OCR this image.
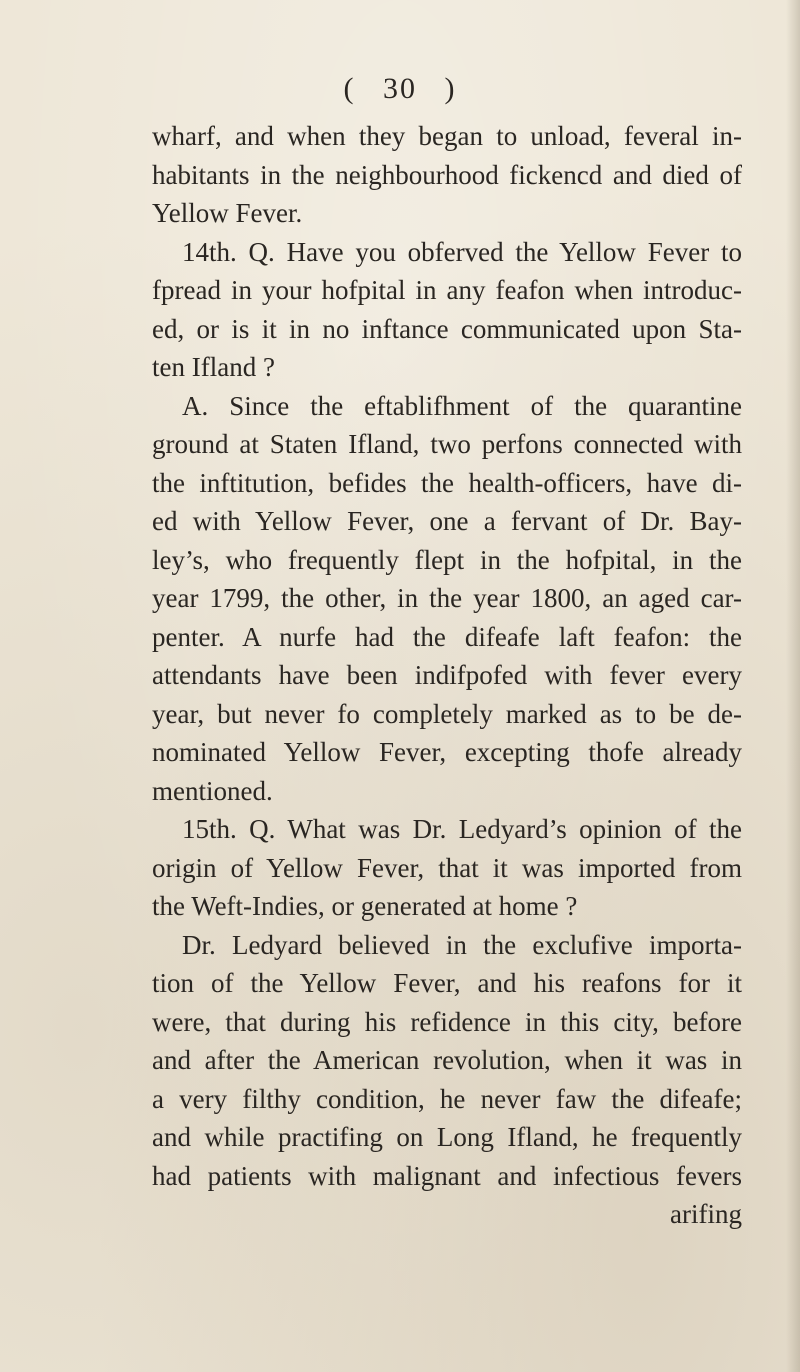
( 30 )
wharf, and when they began to unload, feveral in-
habitants in the neighbourhood fickencd and died of
Yellow Fever.
14th. Q. Have you obferved the Yellow Fever to
fpread in your hofpital in any feafon when introduc-
ed, or is it in no inftance communicated upon Sta-
ten Ifland ?
A. Since the eftablifhment of the quarantine
ground at Staten Ifland, two perfons connected with
the inftitution, befides the health-officers, have di-
ed with Yellow Fever, one a fervant of Dr. Bay-
ley’s, who frequently flept in the hofpital, in the
year 1799, the other, in the year 1800, an aged car-
penter. A nurfe had the difeafe laft feafon: the
attendants have been indifpofed with fever every
year, but never fo completely marked as to be de-
nominated Yellow Fever, excepting thofe already
mentioned.
15th. Q. What was Dr. Ledyard’s opinion of the
origin of Yellow Fever, that it was imported from
the Weft-Indies, or generated at home ?
Dr. Ledyard believed in the exclufive importa-
tion of the Yellow Fever, and his reafons for it
were, that during his refidence in this city, before
and after the American revolution, when it was in
a very filthy condition, he never faw the difeafe;
and while practifing on Long Ifland, he frequently
had patients with malignant and infectious fevers
arifing
